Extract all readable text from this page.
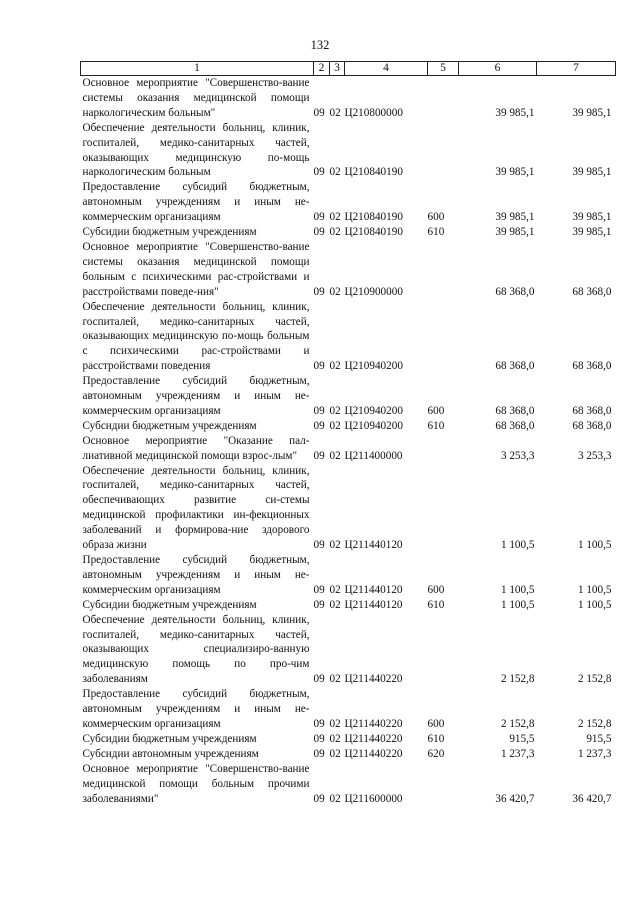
132
1	2	3	4	5	6	7
Основное мероприятие "Совершенство-вание системы оказания медицинской помощи наркологическим больным"	09	02	Ц210800000		39 985,1	39 985,1
Обеспечение деятельности больниц, клиник, госпиталей, медико-санитарных частей, оказывающих медицинскую по-мощь наркологическим больным	09	02	Ц210840190		39 985,1	39 985,1
Предоставление субсидий бюджетным, автономным учреждениям и иным не-коммерческим организациям	09	02	Ц210840190	600	39 985,1	39 985,1
Субсидии бюджетным учреждениям	09	02	Ц210840190	610	39 985,1	39 985,1
Основное мероприятие "Совершенство-вание системы оказания медицинской помощи больным с психическими рас-стройствами и расстройствами поведе-ния"	09	02	Ц210900000		68 368,0	68 368,0
Обеспечение деятельности больниц, клиник, госпиталей, медико-санитарных частей, оказывающих медицинскую по-мощь больным с психическими рас-стройствами и расстройствами поведения	09	02	Ц210940200		68 368,0	68 368,0
Предоставление субсидий бюджетным, автономным учреждениям и иным не-коммерческим организациям	09	02	Ц210940200	600	68 368,0	68 368,0
Субсидии бюджетным учреждениям	09	02	Ц210940200	610	68 368,0	68 368,0
Основное мероприятие "Оказание пал-лиативной медицинской помощи взрос-лым"	09	02	Ц211400000		3 253,3	3 253,3
Обеспечение деятельности больниц, клиник, госпиталей, медико-санитарных частей, обеспечивающих развитие си-стемы медицинской профилактики ин-фекционных заболеваний и формирова-ние здорового образа жизни	09	02	Ц211440120		1 100,5	1 100,5
Предоставление субсидий бюджетным, автономным учреждениям и иным не-коммерческим организациям	09	02	Ц211440120	600	1 100,5	1 100,5
Субсидии бюджетным учреждениям	09	02	Ц211440120	610	1 100,5	1 100,5
Обеспечение деятельности больниц, клиник, госпиталей, медико-санитарных частей, оказывающих специализиро-ванную медицинскую помощь по про-чим заболеваниям	09	02	Ц211440220		2 152,8	2 152,8
Предоставление субсидий бюджетным, автономным учреждениям и иным не-коммерческим организациям	09	02	Ц211440220	600	2 152,8	2 152,8
Субсидии бюджетным учреждениям	09	02	Ц211440220	610	915,5	915,5
Субсидии автономным учреждениям	09	02	Ц211440220	620	1 237,3	1 237,3
Основное мероприятие "Совершенство-вание медицинской помощи больным прочими заболеваниями"	09	02	Ц211600000		36 420,7	36 420,7
